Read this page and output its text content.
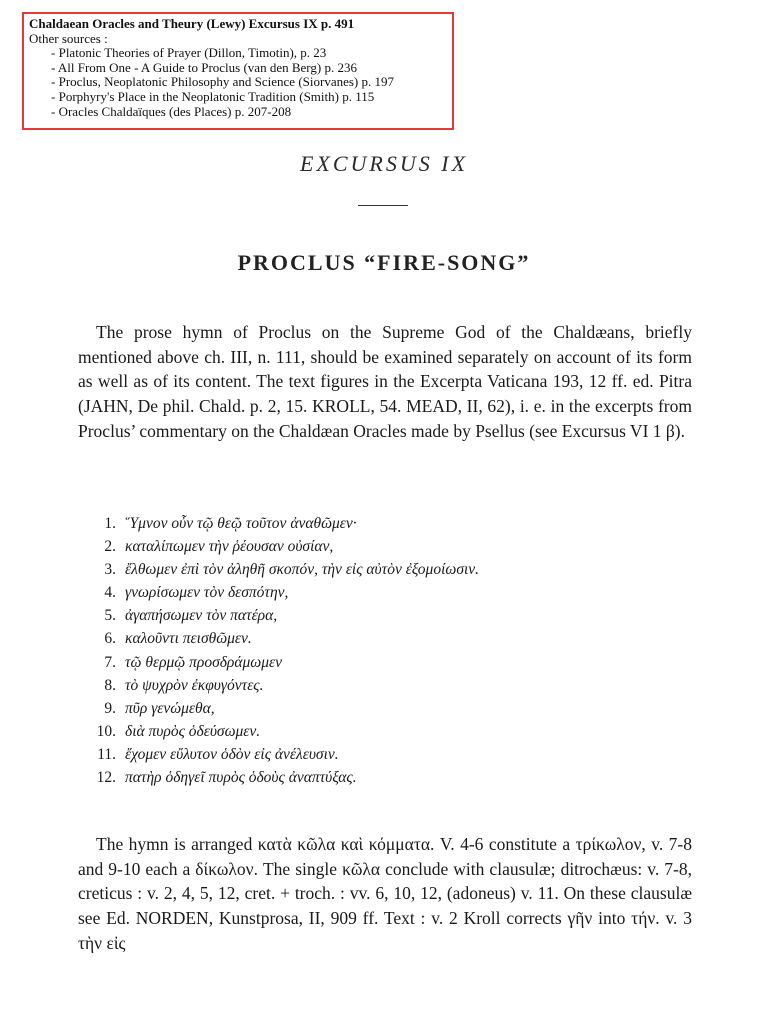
Chaldaean Oracles and Theury (Lewy) Excursus IX p. 491
Other sources :
- Platonic Theories of Prayer (Dillon, Timotin), p. 23
- All From One - A Guide to Proclus (van den Berg) p. 236
- Proclus, Neoplatonic Philosophy and Science (Siorvanes) p. 197
- Porphyry's Place in the Neoplatonic Tradition (Smith) p. 115
- Oracles Chaldaïques (des Places) p. 207-208
EXCURSUS IX
PROCLUS “FIRE-SONG”

The prose hymn of Proclus on the Supreme God of the Chaldæans, briefly mentioned above ch. III, n. 111, should be examined separately on account of its form as well as of its content. The text figures in the Excerpta Vaticana 193, 12 ff. ed. Pitra (JAHN, De phil. Chald. p. 2, 15. KROLL, 54. MEAD, II, 62), i. e. in the excerpts from Proclus’ commentary on the Chaldæan Oracles made by Psellus (see Excursus VI 1 β).

1. Ὕμνον οὖν τῷ θεῷ τοῦτον ἀναθῶμεν·
2. καταλίπωμεν τὴν ῥέουσαν οὐσίαν,
3. ἔλθωμεν ἐπὶ τὸν ἀληθῆ σκοπόν, τὴν εἰς αὐτὸν ἐξομοίωσιν.
4. γνωρίσωμεν τὸν δεσπότην,
5. ἀγαπήσωμεν τὸν πατέρα,
6. καλοῦντι πεισθῶμεν.
7. τῷ θερμῷ προσδράμωμεν
8. τὸ ψυχρὸν ἐκφυγόντες.
9. πῦρ γενώμεθα,
10. διὰ πυρὸς ὁδεύσωμεν.
11. ἔχομεν εὔλυτον ὁδὸν εἰς ἀνέλευσιν.
12. πατὴρ ὁδηγεῖ πυρὸς ὁδοὺς ἀναπτύξας.

The hymn is arranged κατὰ κῶλα καὶ κόμματα. V. 4-6 constitute a τρίκωλον, v. 7-8 and 9-10 each a δίκωλον. The single κῶλα conclude with clausulæ; ditrochæus: v. 7-8, creticus : v. 2, 4, 5, 12, cret. + troch. : vv. 6, 10, 12, (adoneus) v. 11. On these clausulæ see Ed. NORDEN, Kunstprosa, II, 909 ff. Text : v. 2 Kroll corrects γῆν into τήν. v. 3 τὴν εἰς
